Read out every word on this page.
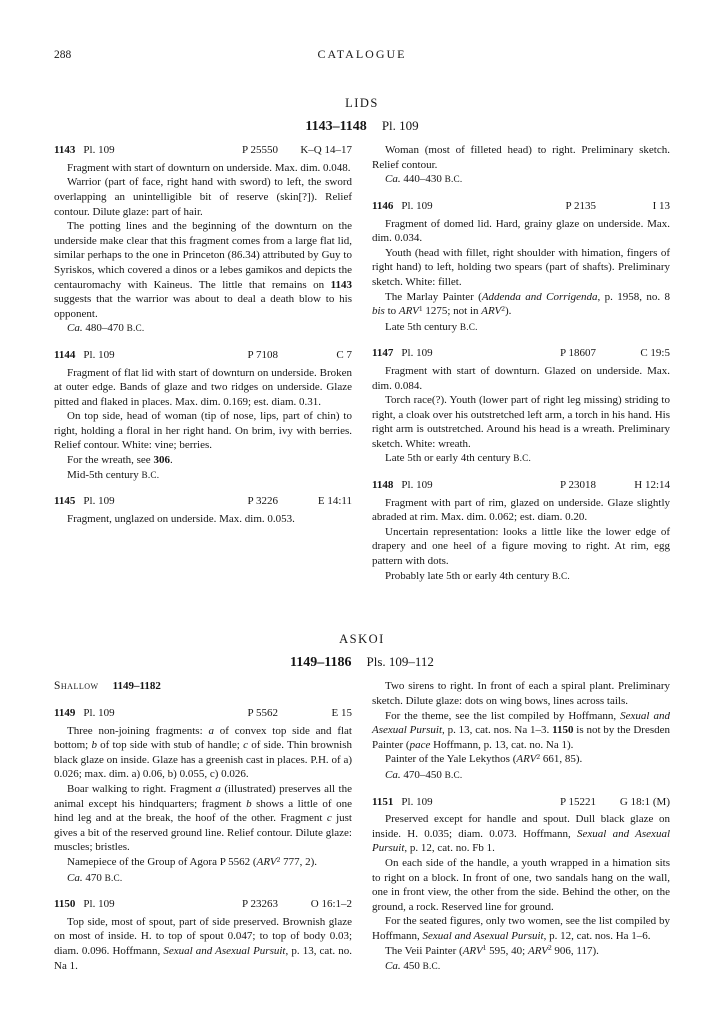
288	CATALOGUE
LIDS
1143–1148 Pl. 109
1143 Pl. 109	P 25550	K–Q 14–17

Fragment with start of downturn on underside. Max. dim. 0.048.

Warrior (part of face, right hand with sword) to left, the sword overlapping an unintelligible bit of reserve (skin[?]). Relief contour. Dilute glaze: part of hair.

The potting lines and the beginning of the downturn on the underside make clear that this fragment comes from a large flat lid, similar perhaps to the one in Princeton (86.34) attributed by Guy to Syriskos, which covered a dinos or a lebes gamikos and depicts the centauromachy with Kaineus. The little that remains on 1143 suggests that the warrior was about to deal a death blow to his opponent.

Ca. 480–470 B.C.

1144 Pl. 109	P 7108	C 7

Fragment of flat lid with start of downturn on underside. Broken at outer edge. Bands of glaze and two ridges on underside. Glaze pitted and flaked in places. Max. dim. 0.169; est. diam. 0.31.

On top side, head of woman (tip of nose, lips, part of chin) to right, holding a floral in her right hand. On brim, ivy with berries. Relief contour. White: vine; berries.

For the wreath, see 306.

Mid-5th century B.C.

1145 Pl. 109	P 3226	E 14:11

Fragment, unglazed on underside. Max. dim. 0.053.

Woman (most of filleted head) to right. Preliminary sketch. Relief contour.

Ca. 440–430 B.C.

1146 Pl. 109	P 2135	I 13

Fragment of domed lid. Hard, grainy glaze on underside. Max. dim. 0.034.

Youth (head with fillet, right shoulder with himation, fingers of right hand) to left, holding two spears (part of shafts). Preliminary sketch. White: fillet.

The Marlay Painter (Addenda and Corrigenda, p. 1958, no. 8 bis to ARV$^1$ 1275; not in ARV$^2$).

Late 5th century B.C.

1147 Pl. 109	P 18607	C 19:5

Fragment with start of downturn. Glazed on underside. Max. dim. 0.084.

Torch race(?). Youth (lower part of right leg missing) striding to right, a cloak over his outstretched left arm, a torch in his hand. His right arm is outstretched. Around his head is a wreath. Preliminary sketch. White: wreath.

Late 5th or early 4th century B.C.

1148 Pl. 109	P 23018	H 12:14

Fragment with part of rim, glazed on underside. Glaze slightly abraded at rim. Max. dim. 0.062; est. diam. 0.20.

Uncertain representation: looks a little like the lower edge of drapery and one heel of a figure moving to right. At rim, egg pattern with dots.

Probably late 5th or early 4th century B.C.

ASKOI
1149–1186 Pls. 109–112
Shallow 1149–1182
1149 Pl. 109	P 5562	E 15

Three non-joining fragments: a of convex top side and flat bottom; b of top side with stub of handle; c of side. Thin brownish black glaze on inside. Glaze has a greenish cast in places. P.H. of a) 0.026; max. dim. a) 0.06, b) 0.055, c) 0.026.

Boar walking to right. Fragment a (illustrated) preserves all the animal except his hindquarters; fragment b shows a little of one hind leg and at the break, the hoof of the other. Fragment c just gives a bit of the reserved ground line. Relief contour. Dilute glaze: muscles; bristles.

Namepiece of the Group of Agora P 5562 (ARV$^2$ 777, 2).

Ca. 470 B.C.

1150 Pl. 109	P 23263	O 16:1–2

Top side, most of spout, part of side preserved. Brownish glaze on most of inside. H. to top of spout 0.047; to top of body 0.03; diam. 0.096. Hoffmann, Sexual and Asexual Pursuit, p. 13, cat. no. Na 1.

Two sirens to right. In front of each a spiral plant. Preliminary sketch. Dilute glaze: dots on wing bows, lines across tails.

For the theme, see the list compiled by Hoffmann, Sexual and Asexual Pursuit, p. 13, cat. nos. Na 1–3. 1150 is not by the Dresden Painter (pace Hoffmann, p. 13, cat. no. Na 1).

Painter of the Yale Lekythos (ARV$^2$ 661, 85).

Ca. 470–450 B.C.

1151 Pl. 109	P 15221	G 18:1 (M)

Preserved except for handle and spout. Dull black glaze on inside. H. 0.035; diam. 0.073. Hoffmann, Sexual and Asexual Pursuit, p. 12, cat. no. Fb 1.

On each side of the handle, a youth wrapped in a himation sits to right on a block. In front of one, two sandals hang on the wall, one in front view, the other from the side. Behind the other, on the ground, a rock. Reserved line for ground.

For the seated figures, only two women, see the list compiled by Hoffmann, Sexual and Asexual Pursuit, p. 12, cat. nos. Ha 1–6.

The Veii Painter (ARV$^1$ 595, 40; ARV$^2$ 906, 117).

Ca. 450 B.C.
